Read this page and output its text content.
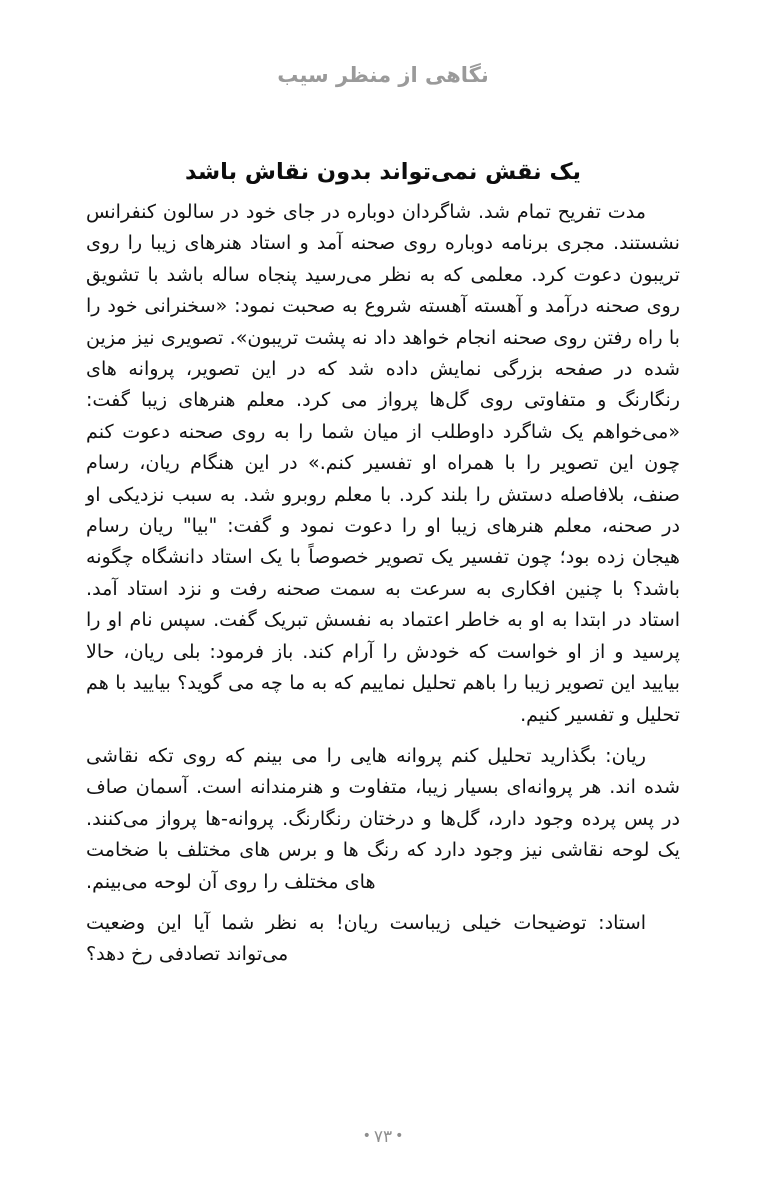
نگاهی از منظر سیب
یک نقش نمی‌تواند بدون نقاش باشد

مدت تفریح تمام شد. شاگردان دوباره در جای خود در سالون کنفرانس نشستند. مجری برنامه دوباره روی صحنه آمد و استاد هنرهای زیبا را روی تریبون دعوت کرد. معلمی که به نظر می‌رسید پنجاه ساله باشد با تشویق روی صحنه درآمد و آهسته آهسته شروع به صحبت نمود: «سخنرانی خود را با راه رفتن روی صحنه انجام خواهد داد نه پشت تریبون». تصویری نیز مزین شده در صفحه بزرگی نمایش داده شد که در این تصویر، پروانه های رنگارنگ و متفاوتی روی گل‌ها پرواز می کرد. معلم هنرهای زیبا گفت: «می‌خواهم یک شاگرد داوطلب از میان شما را به روی صحنه دعوت کنم چون این تصویر را با همراه او تفسیر کنم.» در این هنگام ریان، رسام صنف، بلافاصله دستش را بلند کرد. با معلم روبرو شد. به سبب نزدیکی او در صحنه، معلم هنرهای زیبا او را دعوت نمود و گفت: "بیا" ریان رسام هیجان زده بود؛ چون تفسیر یک تصویر خصوصاً با یک استاد دانشگاه چگونه باشد؟ با چنین افکاری به سرعت به سمت صحنه رفت و نزد استاد آمد. استاد در ابتدا به او به خاطر اعتماد به نفسش تبریک گفت. سپس نام او را پرسید و از او خواست که خودش را آرام کند. باز فرمود: بلی ریان، حالا بیایید این تصویر زیبا را باهم تحلیل نماییم که به ما چه می گوید؟ بیایید با هم تحلیل و تفسیر کنیم.

ریان: بگذارید تحلیل کنم پروانه هایی را می بینم که روی تکه نقاشی شده اند. هر پروانه‌ای بسیار زیبا، متفاوت و هنرمندانه است. آسمان صاف در پس پرده وجود دارد، گل‌ها و درختان رنگارنگ. پروانه-ها پرواز می‌کنند. یک لوحه نقاشی نیز وجود دارد که رنگ ها و برس های مختلف با ضخامت های مختلف را روی آن لوحه می‌بینم.

استاد: توضیحات خیلی زیباست ریان! به نظر شما آیا این وضعیت می‌تواند تصادفی رخ دهد؟

•۷۳•
